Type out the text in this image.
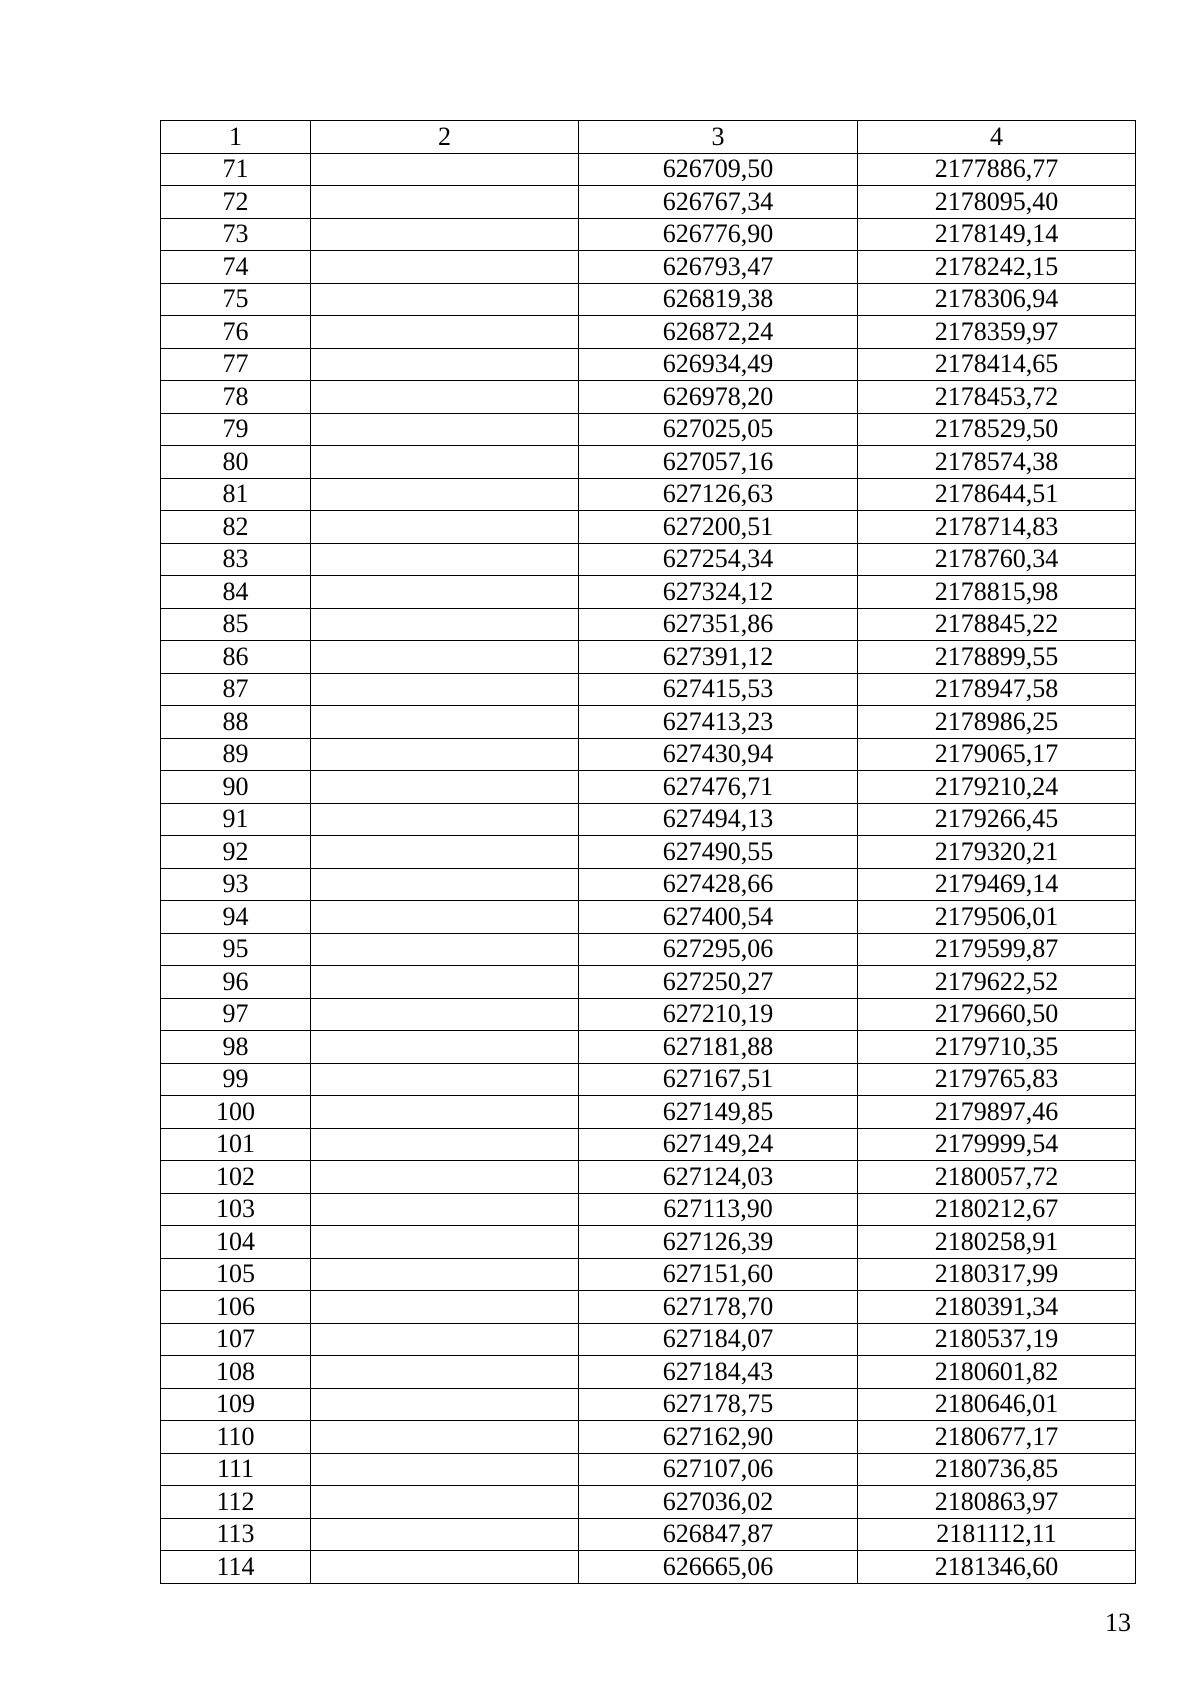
1	2	3	4
71		626709,50	2177886,77
72		626767,34	2178095,40
73		626776,90	2178149,14
74		626793,47	2178242,15
75		626819,38	2178306,94
76		626872,24	2178359,97
77		626934,49	2178414,65
78		626978,20	2178453,72
79		627025,05	2178529,50
80		627057,16	2178574,38
81		627126,63	2178644,51
82		627200,51	2178714,83
83		627254,34	2178760,34
84		627324,12	2178815,98
85		627351,86	2178845,22
86		627391,12	2178899,55
87		627415,53	2178947,58
88		627413,23	2178986,25
89		627430,94	2179065,17
90		627476,71	2179210,24
91		627494,13	2179266,45
92		627490,55	2179320,21
93		627428,66	2179469,14
94		627400,54	2179506,01
95		627295,06	2179599,87
96		627250,27	2179622,52
97		627210,19	2179660,50
98		627181,88	2179710,35
99		627167,51	2179765,83
100		627149,85	2179897,46
101		627149,24	2179999,54
102		627124,03	2180057,72
103		627113,90	2180212,67
104		627126,39	2180258,91
105		627151,60	2180317,99
106		627178,70	2180391,34
107		627184,07	2180537,19
108		627184,43	2180601,82
109		627178,75	2180646,01
110		627162,90	2180677,17
111		627107,06	2180736,85
112		627036,02	2180863,97
113		626847,87	2181112,11
114		626665,06	2181346,60
13
